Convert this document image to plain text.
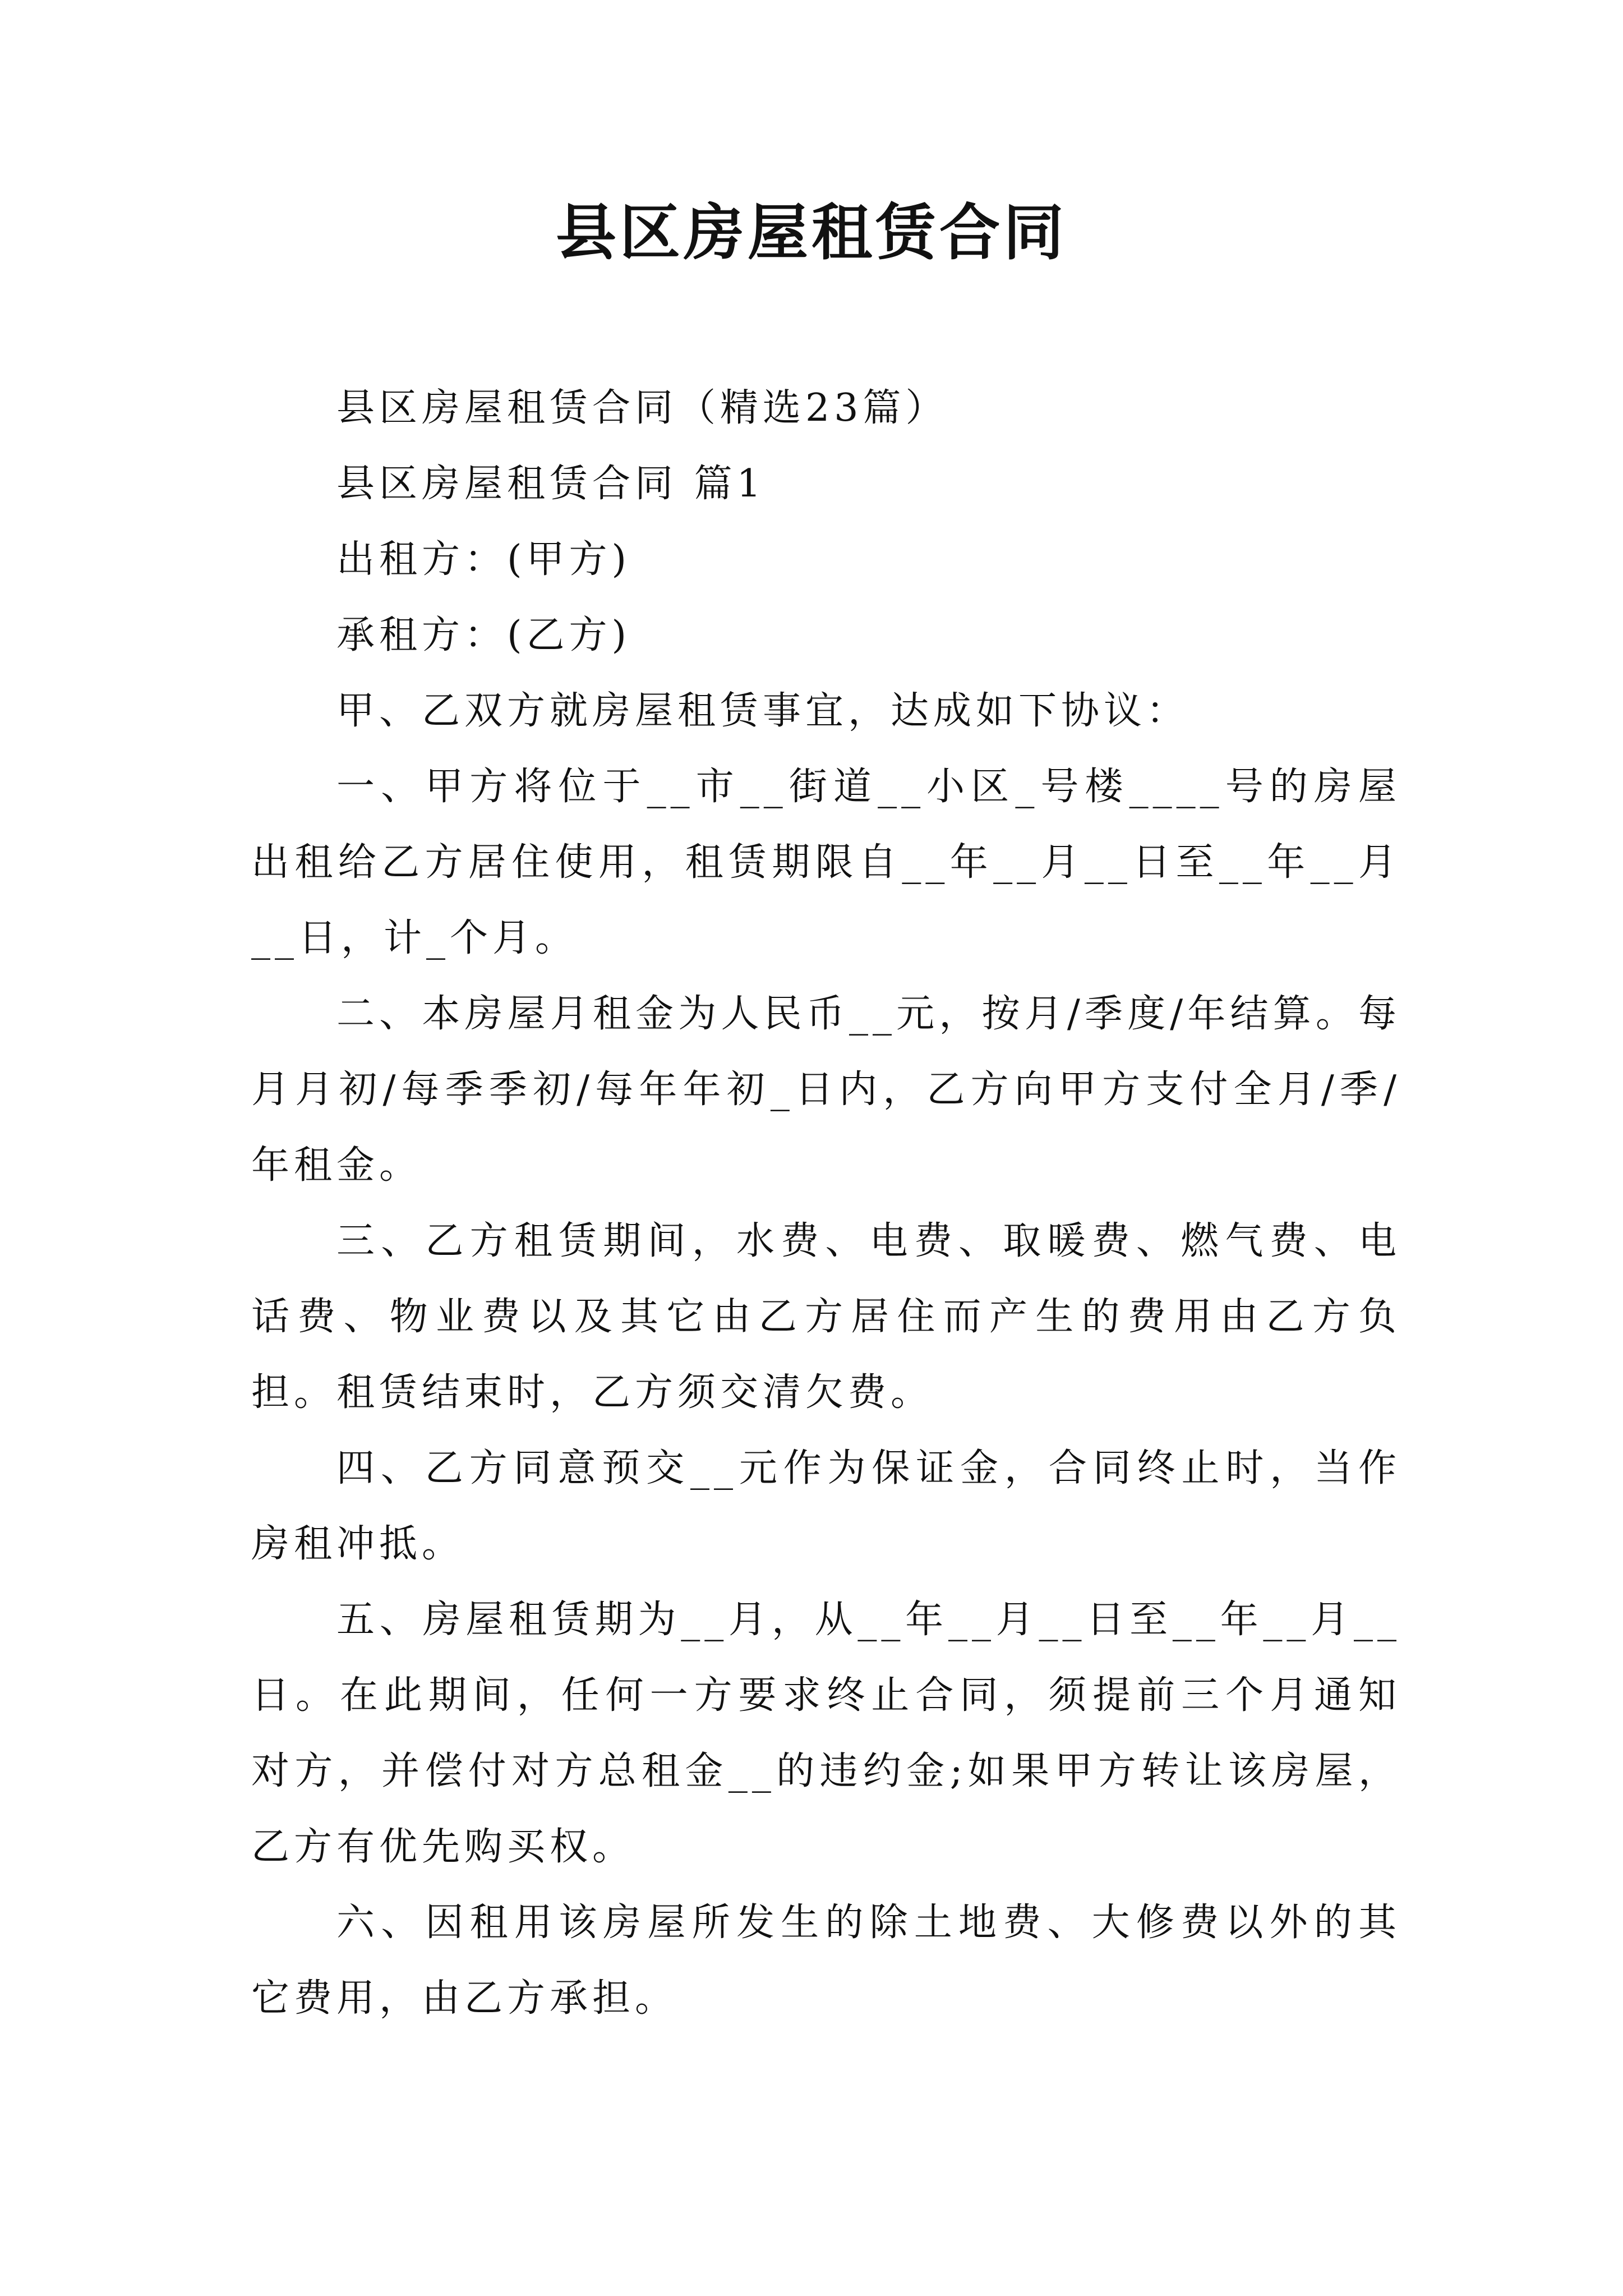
县区房屋租赁合同

县区房屋租赁合同（精选23篇）

县区房屋租赁合同 篇1

出租方：(甲方)

承租方：(乙方)

甲、乙双方就房屋租赁事宜，达成如下协议：

一、甲方将位于__市__街道__小区_号楼____号的房屋出租给乙方居住使用，租赁期限自__年__月__日至__年__月__日，计_个月。

二、本房屋月租金为人民币__元，按月/季度/年结算。每月月初/每季季初/每年年初_日内，乙方向甲方支付全月/季/年租金。

三、乙方租赁期间，水费、电费、取暖费、燃气费、电话费、物业费以及其它由乙方居住而产生的费用由乙方负担。租赁结束时，乙方须交清欠费。

四、乙方同意预交__元作为保证金，合同终止时，当作房租冲抵。

五、房屋租赁期为__月，从__年__月__日至__年__月__日。在此期间，任何一方要求终止合同，须提前三个月通知对方，并偿付对方总租金__的违约金;如果甲方转让该房屋，乙方有优先购买权。

六、因租用该房屋所发生的除土地费、大修费以外的其它费用，由乙方承担。
